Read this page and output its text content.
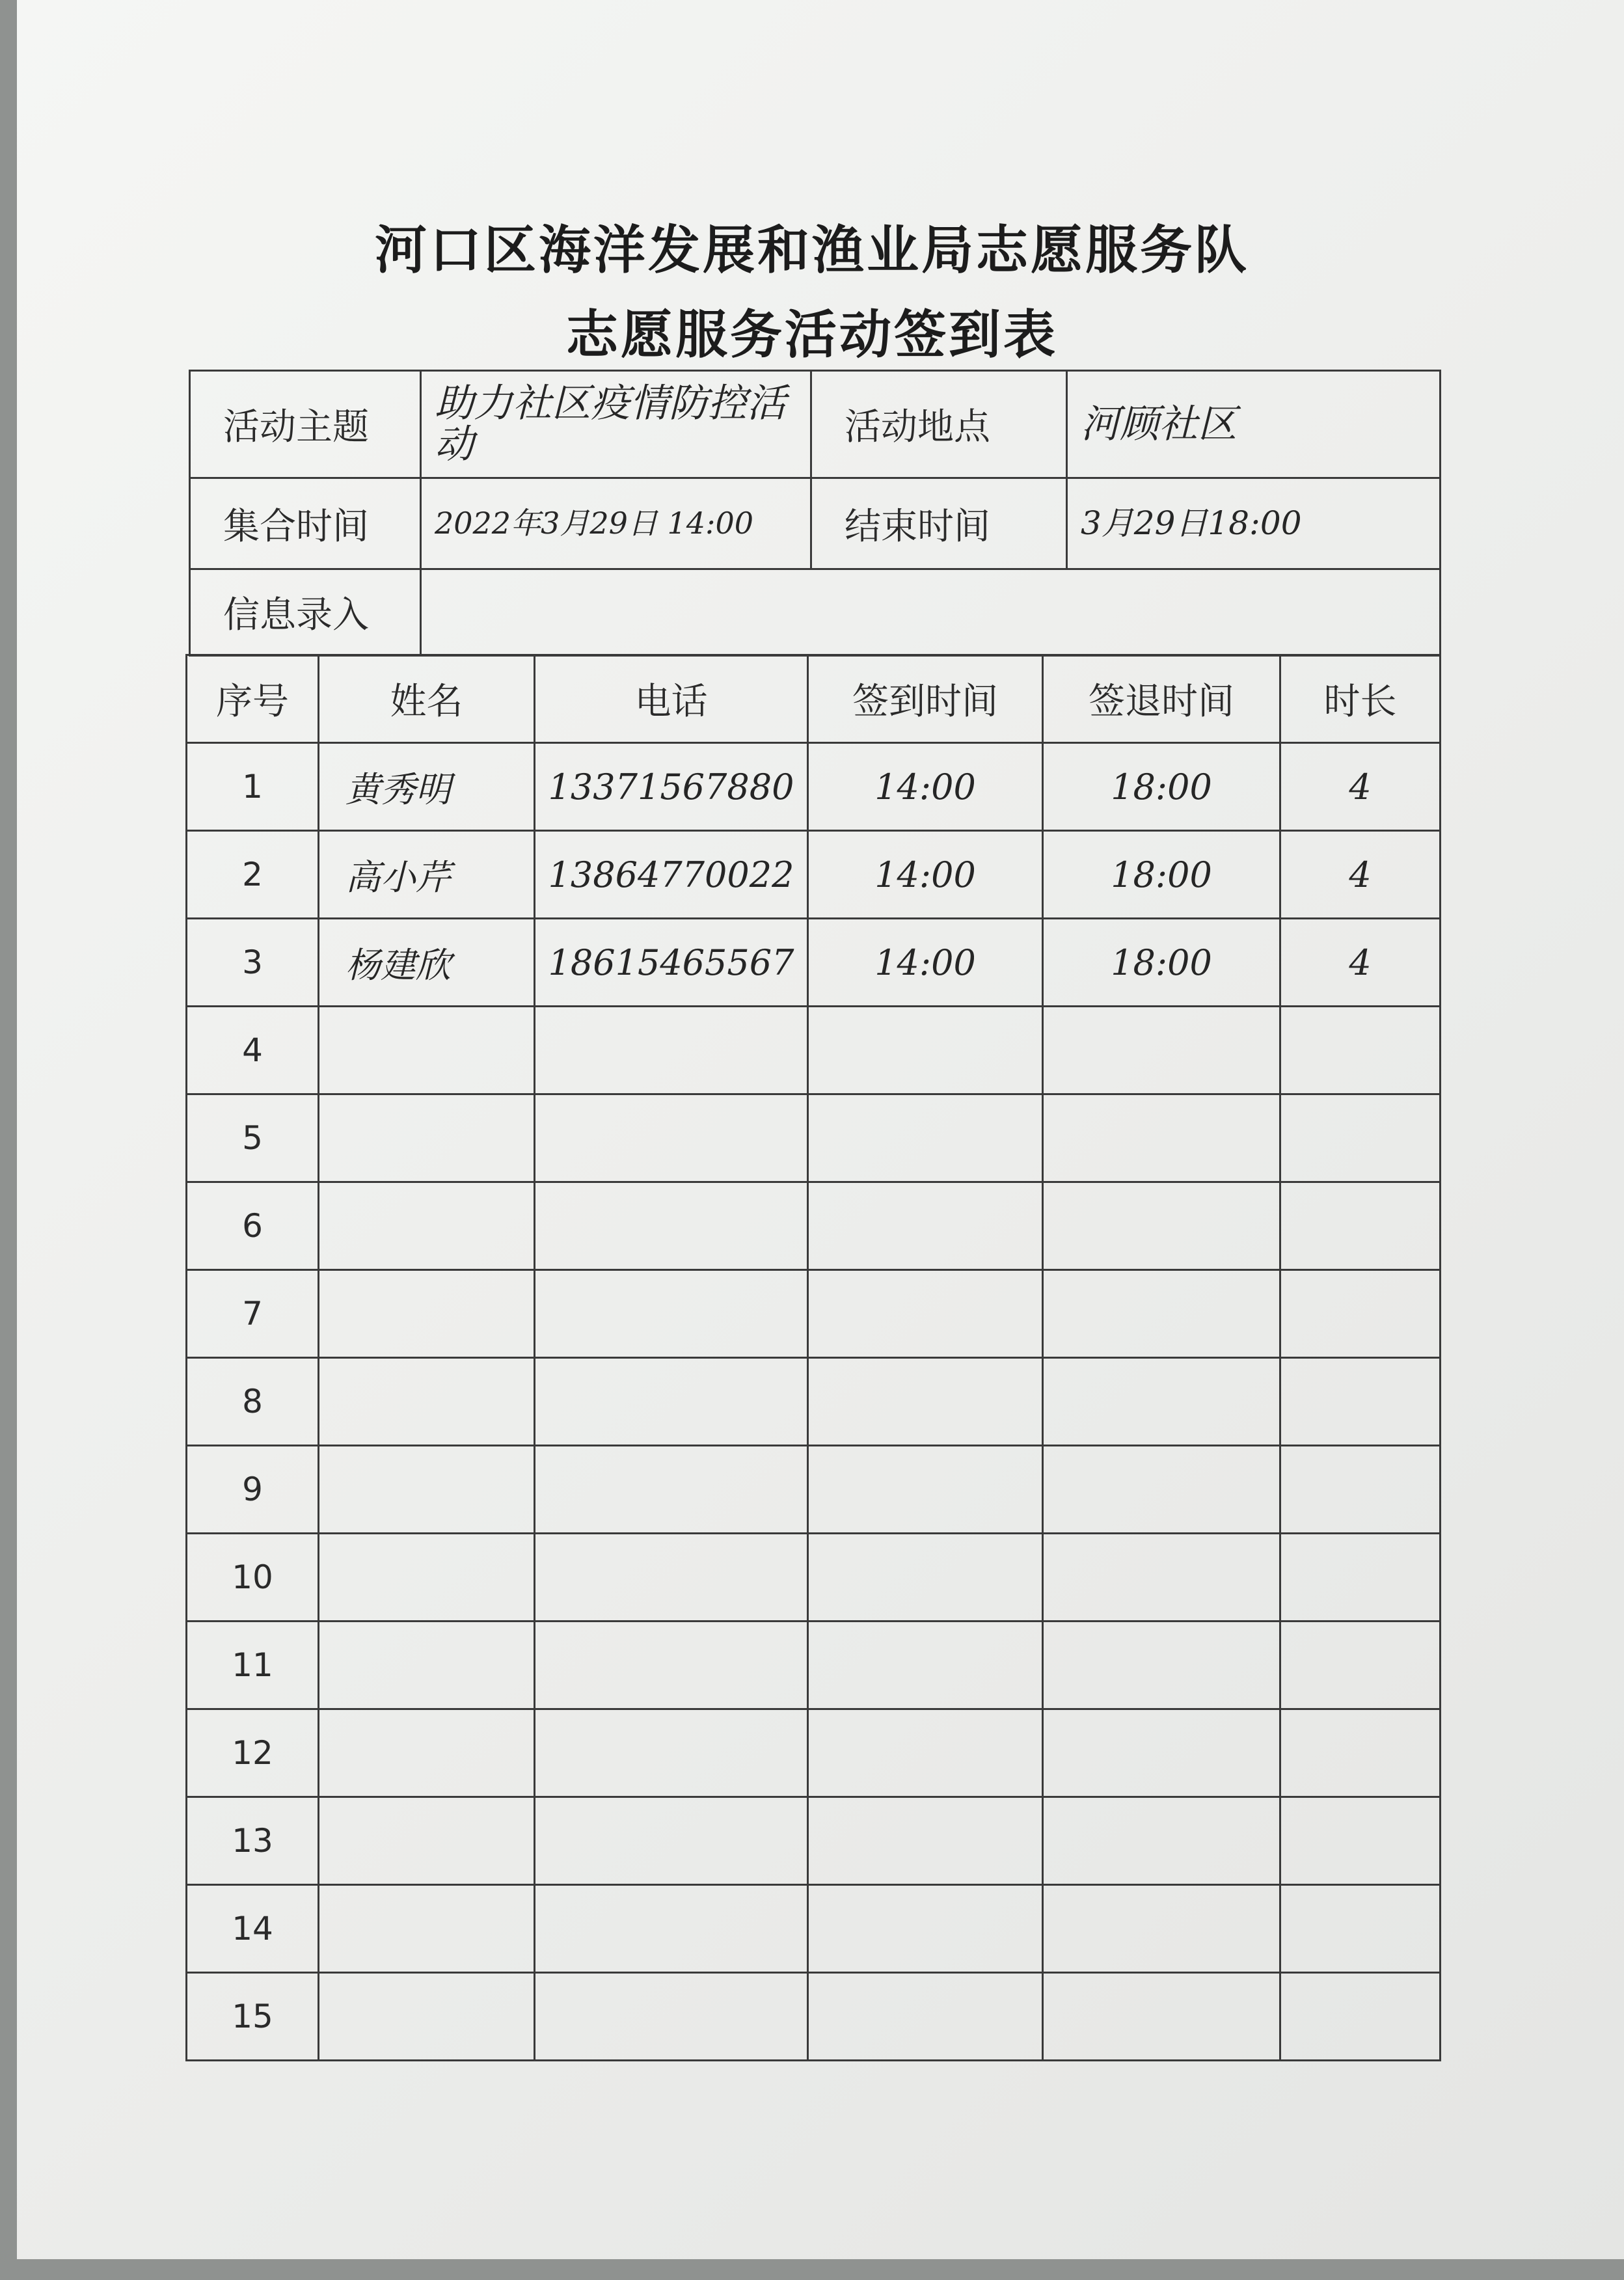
河口区海洋发展和渔业局志愿服务队
志愿服务活动签到表
活动主题	助力社区疫情防控活动	活动地点	河顾社区
集合时间	2022年3月29日 14:00	结束时间	3月29日18:00
信息录入			
序号	姓名	电话	签到时间	签退时间	时长
1	黄秀明	13371567880	14:00	18:00	4
2	高小芹	13864770022	14:00	18:00	4
3	杨建欣	18615465567	14:00	18:00	4
4					
5					
6					
7					
8					
9					
10					
11					
12					
13					
14					
15					
